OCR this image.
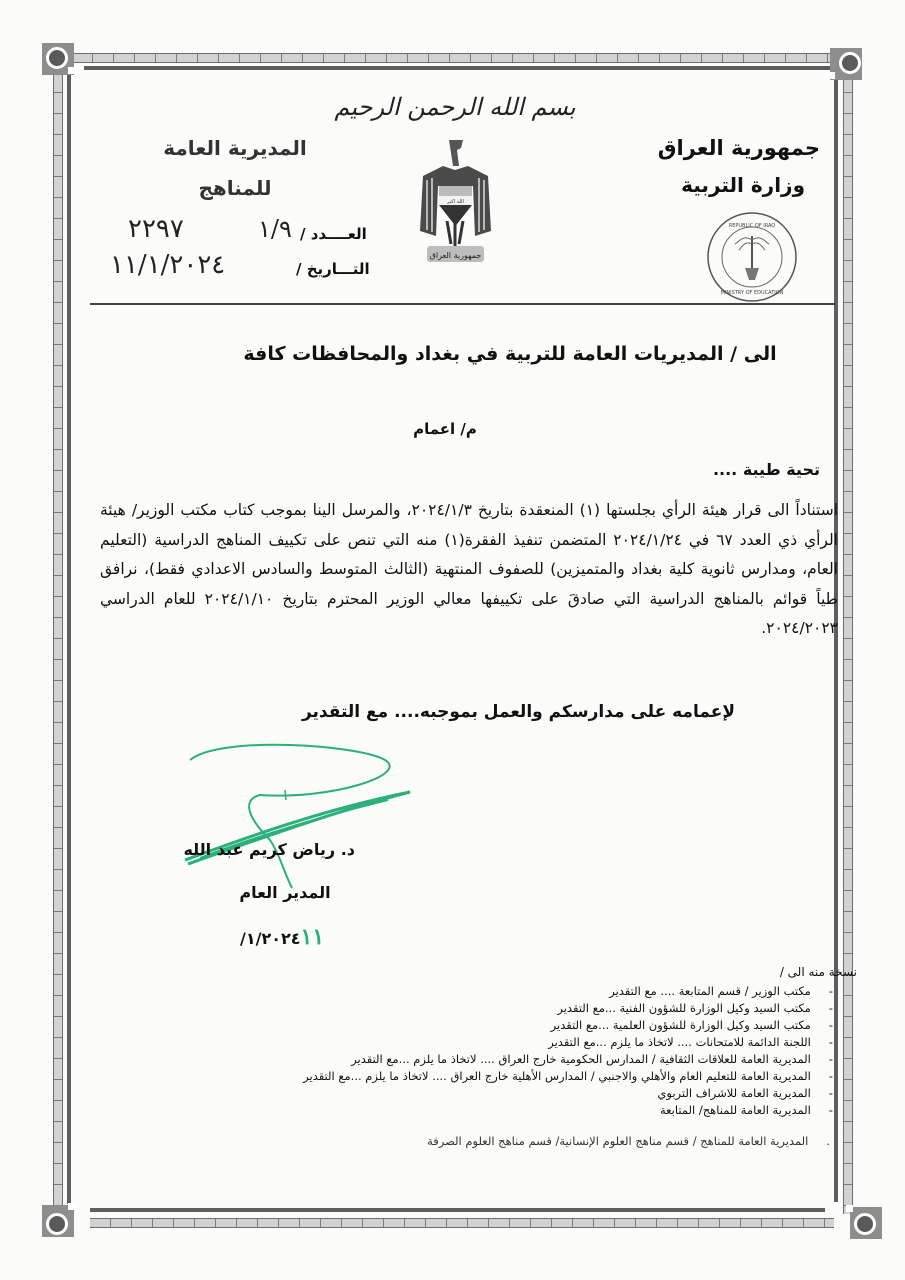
بسم الله الرحمن الرحيم
جمهورية العراق
وزارة التربية
REPUBLIC OF IRAQ
MINISTRY OF EDUCATION
الله اكبر
جمهورية العراق
المديرية العامة
للمناهج
العــــدد /
١/٩
٢٢٩٧
التـــاريخ /
١١/١/٢٠٢٤
الى / المديريات العامة للتربية في بغداد والمحافظات كافة
م/ اعمام
تحية طيبة ....

استناداً الى قرار هيئة الرأي بجلستها (١) المنعقدة بتاريخ ٢٠٢٤/١/٣، والمرسل الينا بموجب كتاب مكتب الوزير/ هيئة الرأي ذي العدد ٦٧ في ٢٠٢٤/١/٢٤ المتضمن تنفيذ الفقرة(١) منه التي تنص على تكييف المناهج الدراسية (التعليم العام، ومدارس ثانوية كلية بغداد والمتميزين) للصفوف المنتهية (الثالث المتوسط والسادس الاعدادي فقط)، نرافق طياً قوائم بالمناهج الدراسية التي صادقَ على تكييفها معالي الوزير المحترم بتاريخ ٢٠٢٤/١/١٠ للعام الدراسي ٢٠٢٤/٢٠٢٣.

لإعمامه على مدارسكم والعمل بموجبه.... مع التقدير
د. رياض كريم عبد الله
المدير العام
/١/٢٠٢٤١١
نسخة منه الى /
-مكتب الوزير / قسم المتابعة .... مع التقدير
-مكتب السيد وكيل الوزارة للشؤون الفنية ...مع التقدير
-مكتب السيد وكيل الوزارة للشؤون العلمية ...مع التقدير
-اللجنة الدائمة للامتحانات .... لاتخاذ ما يلزم ...مع التقدير
-المديرية العامة للعلاقات الثقافية / المدارس الحكومية خارج العراق .... لاتخاذ ما يلزم ...مع التقدير
-المديرية العامة للتعليم العام والأهلي والاجنبي / المدارس الأهلية خارج العراق .... لاتخاذ ما يلزم ...مع التقدير
-المديرية العامة للاشراف التربوي
-المديرية العامة للمناهج/ المتابعة
.المديرية العامة للمناهج / قسم مناهج العلوم الإنسانية/ قسم مناهج العلوم الصرفة
